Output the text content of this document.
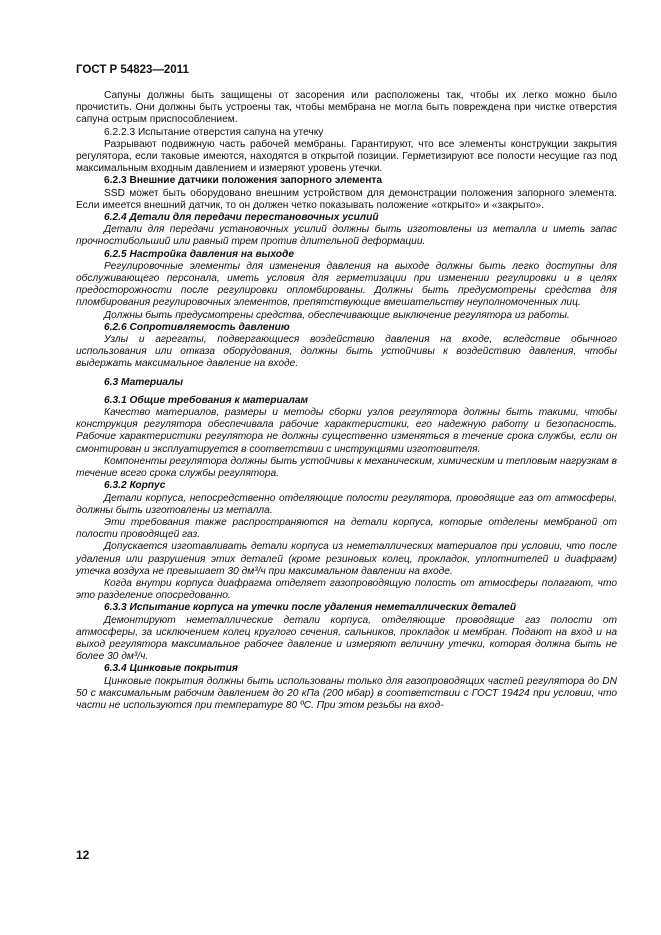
ГОСТ Р 54823—2011

Сапуны должны быть защищены от засорения или расположены так, чтобы их легко можно было прочистить. Они должны быть устроены так, чтобы мембрана не могла быть повреждена при чистке отверстия сапуна острым приспособлением.

6.2.2.3 Испытание отверстия сапуна на утечку

Разрывают подвижную часть рабочей мембраны. Гарантируют, что все элементы конструкции закрытия регулятора, если таковые имеются, находятся в открытой позиции. Герметизируют все полости несущие газ под максимальным входным давлением и измеряют уровень утечки.

6.2.3 Внешние датчики положения запорного элемента

SSD может быть оборудовано внешним устройством для демонстрации положения запорного элемента. Если имеется внешний датчик, то он должен четко показывать положение «открыто» и «закрыто».

6.2.4 Детали для передачи перестановочных усилий

Детали для передачи установочных усилий должны быть изготовлены из металла и иметь запас прочностибольший или равный трем против длительной деформации.

6.2.5 Настройка давления на выходе

Регулировочные элементы для изменения давления на выходе должны быть легко доступны для обслуживающего персонала, иметь условия для герметизации при изменении регулировки и в целях предосторожности после регулировки опломбированы. Должны быть предусмотрены средства для пломбирования регулировочных элементов, препятствующие вмешательству неуполномоченных лиц.

Должны быть предусмотрены средства, обеспечивающие выключение регулятора из работы.

6.2.6 Сопротивляемость давлению

Узлы и агрегаты, подвергающиеся воздействию давления на входе, вследствие обычного использования или отказа оборудования, должны быть устойчивы к воздействию давления, чтобы выдержать максимальное давление на входе.

6.3 Материалы

6.3.1 Общие требования к материалам

Качество материалов, размеры и методы сборки узлов регулятора должны быть такими, чтобы конструкция регулятора обеспечивала рабочие характеристики, его надежную работу и безопасность. Рабочие характеристики регулятора не должны существенно изменяться в течение срока службы, если он смонтирован и эксплуатируется в соответствии с инструкциями изготовителя.

Компоненты регулятора должны быть устойчивы к механическим, химическим и тепловым нагрузкам в течение всего срока службы регулятора.

6.3.2 Корпус

Детали корпуса, непосредственно отделяющие полости регулятора, проводящие газ от атмосферы, должны быть изготовлены из металла.

Эти требования также распространяются на детали корпуса, которые отделены мембраной от полости проводящей газ.

Допускается изготавливать детали корпуса из неметаллических материалов при условии, что после удаления или разрушения этих деталей (кроме резиновых колец, прокладок, уплотнителей и диафрагм) утечка воздуха не превышает 30 дм³/ч при максимальном давлении на входе.

Когда внутри корпуса диафрагма отделяет газопроводящую полость от атмосферы полагают, что это разделение опосредованно.

6.3.3 Испытание корпуса на утечки после удаления неметаллических деталей

Демонтируют неметаллические детали корпуса, отделяющие проводящие газ полости от атмосферы, за исключением колец круглого сечения, сальников, прокладок и мембран. Подают на вход и на выход регулятора максимальное рабочее давление и измеряют величину утечки, которая должна быть не более 30 дм³/ч.

6.3.4 Цинковые покрытия

Цинковые покрытия должны быть использованы только для газопроводящих частей регулятора до DN 50 с максимальным рабочим давлением до 20 кПа (200 мбар) в соответствии с ГОСТ 19424 при условии, что части не используются при температуре 80 ºС. При этом резьбы на вход-

12
